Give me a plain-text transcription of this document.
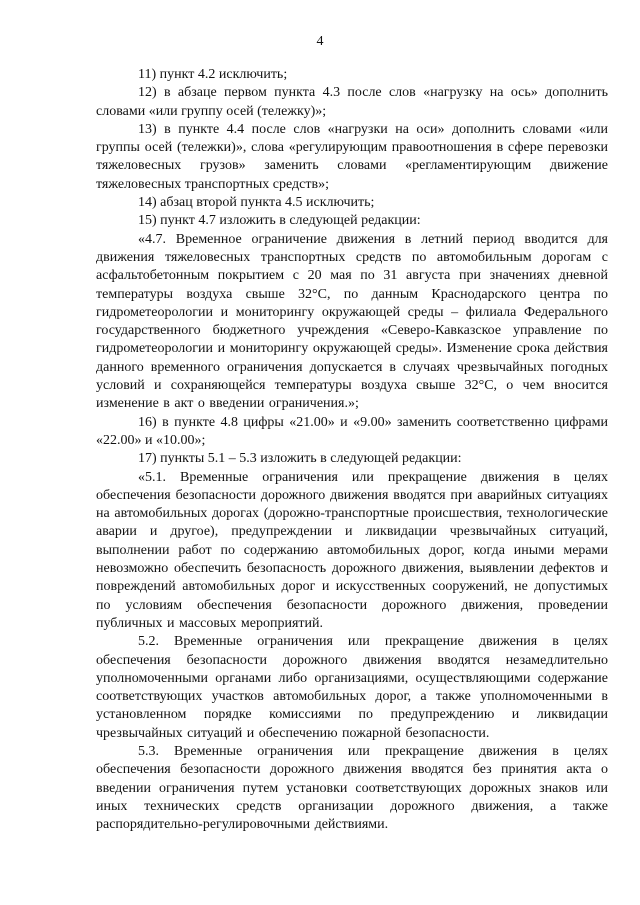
4

11) пункт 4.2 исключить;

12) в абзаце первом пункта 4.3 после слов «нагрузку на ось» дополнить словами «или группу осей (тележку)»;

13) в пункте 4.4 после слов «нагрузки на оси» дополнить словами «или группы осей (тележки)», слова «регулирующим правоотношения в сфере перевозки тяжеловесных грузов» заменить словами «регламентирующим движение тяжеловесных транспортных средств»;

14) абзац второй пункта 4.5 исключить;

15) пункт 4.7 изложить в следующей редакции:

«4.7. Временное ограничение движения в летний период вводится для движения тяжеловесных транспортных средств по автомобильным дорогам с асфальтобетонным покрытием с 20 мая по 31 августа при значениях дневной температуры воздуха свыше 32°С, по данным Краснодарского центра по гидрометеорологии и мониторингу окружающей среды – филиала Федерального государственного бюджетного учреждения «Северо-Кавказское управление по гидрометеорологии и мониторингу окружающей среды». Изменение срока действия данного временного ограничения допускается в случаях чрезвычайных погодных условий и сохраняющейся температуры воздуха свыше 32°С, о чем вносится изменение в акт о введении ограничения.»;

16) в пункте 4.8 цифры «21.00» и «9.00» заменить соответственно цифрами «22.00» и «10.00»;

17) пункты 5.1 – 5.3 изложить в следующей редакции:

«5.1. Временные ограничения или прекращение движения в целях обеспечения безопасности дорожного движения вводятся при аварийных ситуациях на автомобильных дорогах (дорожно-транспортные происшествия, технологические аварии и другое), предупреждении и ликвидации чрезвычайных ситуаций, выполнении работ по содержанию автомобильных дорог, когда иными мерами невозможно обеспечить безопасность дорожного движения, выявлении дефектов и повреждений автомобильных дорог и искусственных сооружений, не допустимых по условиям обеспечения безопасности дорожного движения, проведении публичных и массовых мероприятий.

5.2. Временные ограничения или прекращение движения в целях обеспечения безопасности дорожного движения вводятся незамедлительно уполномоченными органами либо организациями, осуществляющими содержание соответствующих участков автомобильных дорог, а также уполномоченными в установленном порядке комиссиями по предупреждению и ликвидации чрезвычайных ситуаций и обеспечению пожарной безопасности.

5.3. Временные ограничения или прекращение движения в целях обеспечения безопасности дорожного движения вводятся без принятия акта о введении ограничения путем установки соответствующих дорожных знаков или иных технических средств организации дорожного движения, а также распорядительно-регулировочными действиями.
